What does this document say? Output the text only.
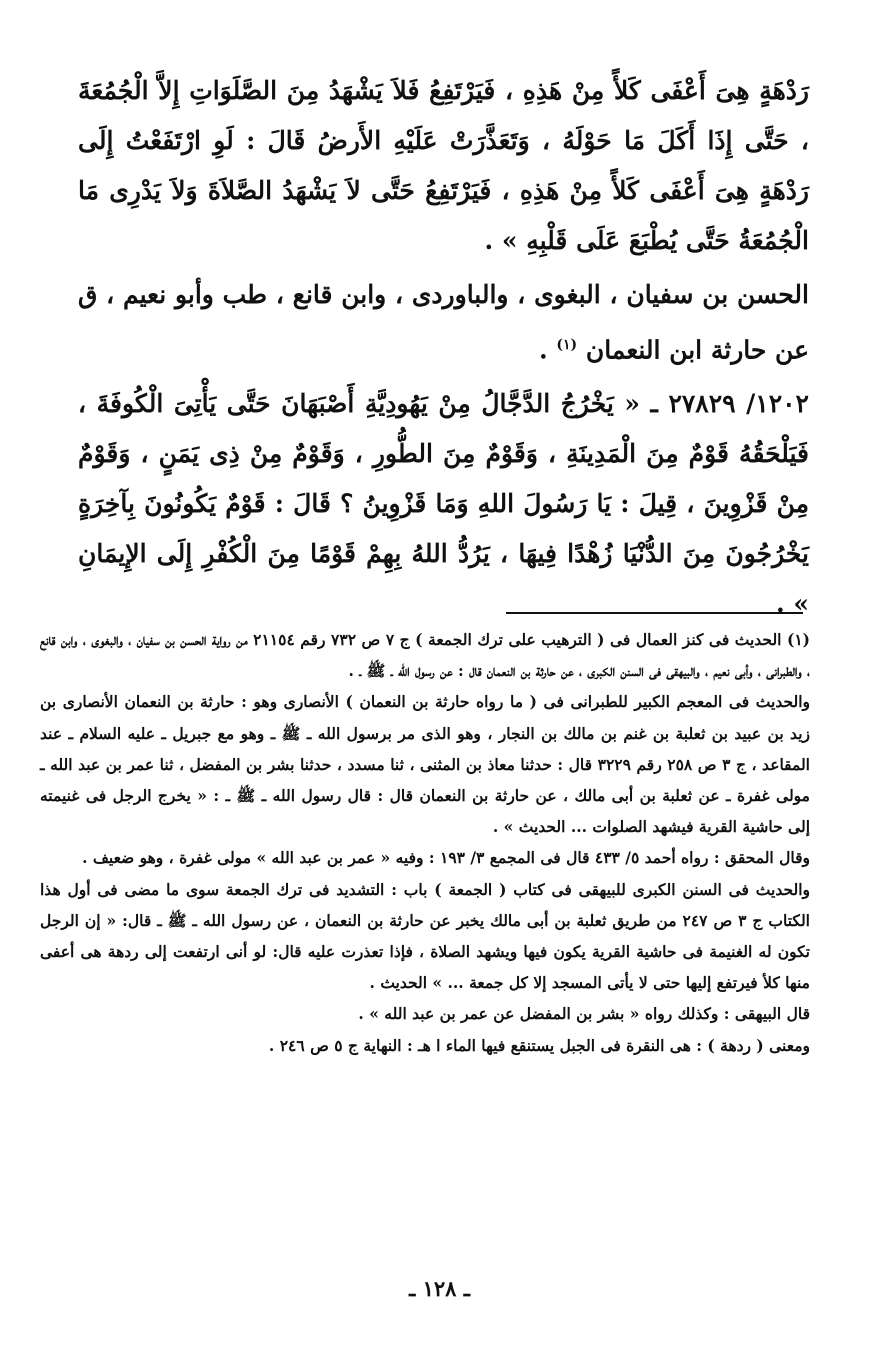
رَدْهَةٍ هِىَ أَعْفَى كَلأً مِنْ هَذِهِ ، فَيَرْتَفِعُ فَلاَ يَشْهَدُ مِنَ الصَّلَوَاتِ إِلاَّ الْجُمُعَةَ ، حَتَّى إِذَا أَكَلَ مَا حَوْلَهُ ، وَتَعَذَّرَتْ عَلَيْهِ الأَرضُ قَالَ : لَوِ ارْتَفَعْتُ إِلَى رَدْهَةٍ هِىَ أَعْفَى كَلأً مِنْ هَذِهِ ، فَيَرْتَفِعُ حَتَّى لاَ يَشْهَدُ الصَّلاَةَ وَلاَ يَدْرِى مَا الْجُمُعَةُ حَتَّى يُطْبَعَ عَلَى قَلْبِهِ » .

الحسن بن سفيان ، البغوى ، والباوردى ، وابن قانع ، طب وأبو نعيم ، ق عن حارثة ابن النعمان $^{(١)}$ .

١٢٠٢/ ٢٧٨٢٩ ـ « يَخْرُجُ الدَّجَّالُ مِنْ يَهُودِيَّةِ أَصْبَهَانَ حَتَّى يَأْتِىَ الْكُوفَةَ ، فَيَلْحَقُهُ قَوْمٌ مِنَ الْمَدِينَةِ ، وَقَوْمٌ مِنَ الطُّورِ ، وَقَوْمٌ مِنْ ذِى يَمَنٍ ، وَقَوْمٌ مِنْ قَزْوِينَ ، قِيلَ : يَا رَسُولَ اللهِ وَمَا قَزْوِينُ ؟ قَالَ : قَوْمٌ يَكُونُونَ بِآخِرَةٍ يَخْرُجُونَ مِنَ الدُّنْيَا زُهْدًا فِيهَا ، يَرُدُّ اللهُ بِهِمْ قَوْمًا مِنَ الْكُفْرِ إِلَى الإِيمَانِ » .

(١) الحديث فى كنز العمال فى ( الترهيب على ترك الجمعة ) ج ٧ ص ٧٣٢ رقم ٢١١٥٤ من رواية الحسن بن سفيان ، والبغوى ، وابن قانع ، والطبرانى ، وأبى نعيم ، والبيهقى فى السنن الكبرى ، عن حارثة بن النعمان قال : عن رسول الله ـ ﷺ ـ .

والحديث فى المعجم الكبير للطبرانى فى ( ما رواه حارثة بن النعمان ) الأنصارى وهو : حارثة بن النعمان الأنصارى بن زيد بن عبيد بن ثعلبة بن غنم بن مالك بن النجار ، وهو الذى مر برسول الله ـ ﷺ ـ وهو مع جبريل ـ عليه السلام ـ عند المقاعد ، ج ٣ ص ٢٥٨ رقم ٣٢٢٩ قال : حدثنا معاذ بن المثنى ، ثنا مسدد ، حدثنا بشر بن المفضل ، ثنا عمر بن عبد الله ـ مولى غفرة ـ عن ثعلبة بن أبى مالك ، عن حارثة بن النعمان قال : قال رسول الله ـ ﷺ ـ : « يخرج الرجل فى غنيمته إلى حاشية القرية فيشهد الصلوات ... الحديث » .

وقال المحقق : رواه أحمد ٥/ ٤٣٣ قال فى المجمع ٣/ ١٩٣ : وفيه « عمر بن عبد الله » مولى غفرة ، وهو ضعيف .

والحديث فى السنن الكبرى للبيهقى فى كتاب ( الجمعة ) باب : التشديد فى ترك الجمعة سوى ما مضى فى أول هذا الكتاب ج ٣ ص ٢٤٧ من طريق ثعلبة بن أبى مالك يخبر عن حارثة بن النعمان ، عن رسول الله ـ ﷺ ـ قال: « إن الرجل تكون له الغنيمة فى حاشية القرية يكون فيها ويشهد الصلاة ، فإذا تعذرت عليه قال: لو أنى ارتفعت إلى ردهة هى أعفى منها كلأ فيرتفع إليها حتى لا يأتى المسجد إلا كل جمعة ... » الحديث .

قال البيهقى : وكذلك رواه « بشر بن المفضل عن عمر بن عبد الله » .

ومعنى ( ردهة ) : هى النقرة فى الجبل يستنقع فيها الماء ا هـ : النهاية ج ٥ ص ٢٤٦ .

ـ ١٢٨ ـ
